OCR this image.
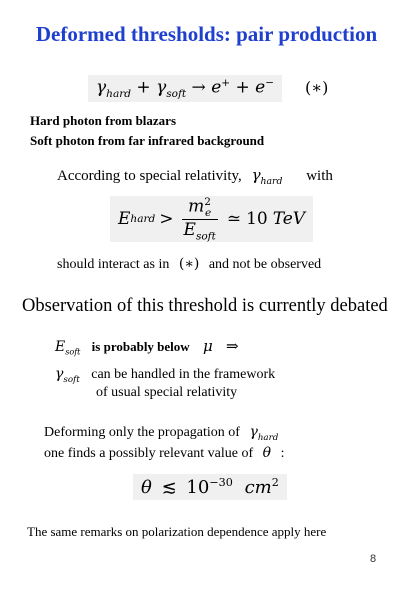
Deformed thresholds: pair production
$\gamma_{hard} + \gamma_{soft} \to e^+ + e^-$	(∗)
Hard photon from blazars
Soft photon from far infrared background
According to special relativity, $\gamma_{hard}$ with
E hard > $\frac{m^2_e}{E_{soft}}$ ≃ 10 TeV
should interact as in (∗) and not be observed
Observation of this threshold is currently debated
$E_{soft}$ is probably below μ ⇒
$\gamma_{soft}$ can be handled in the framework
of usual special relativity
Deforming only the propagation of $\gamma_{hard}$
one finds a possibly relevant value of θ :
θ ≲ $10^{-30}$ $cm^2$
The same remarks on polarization dependence apply here
8
